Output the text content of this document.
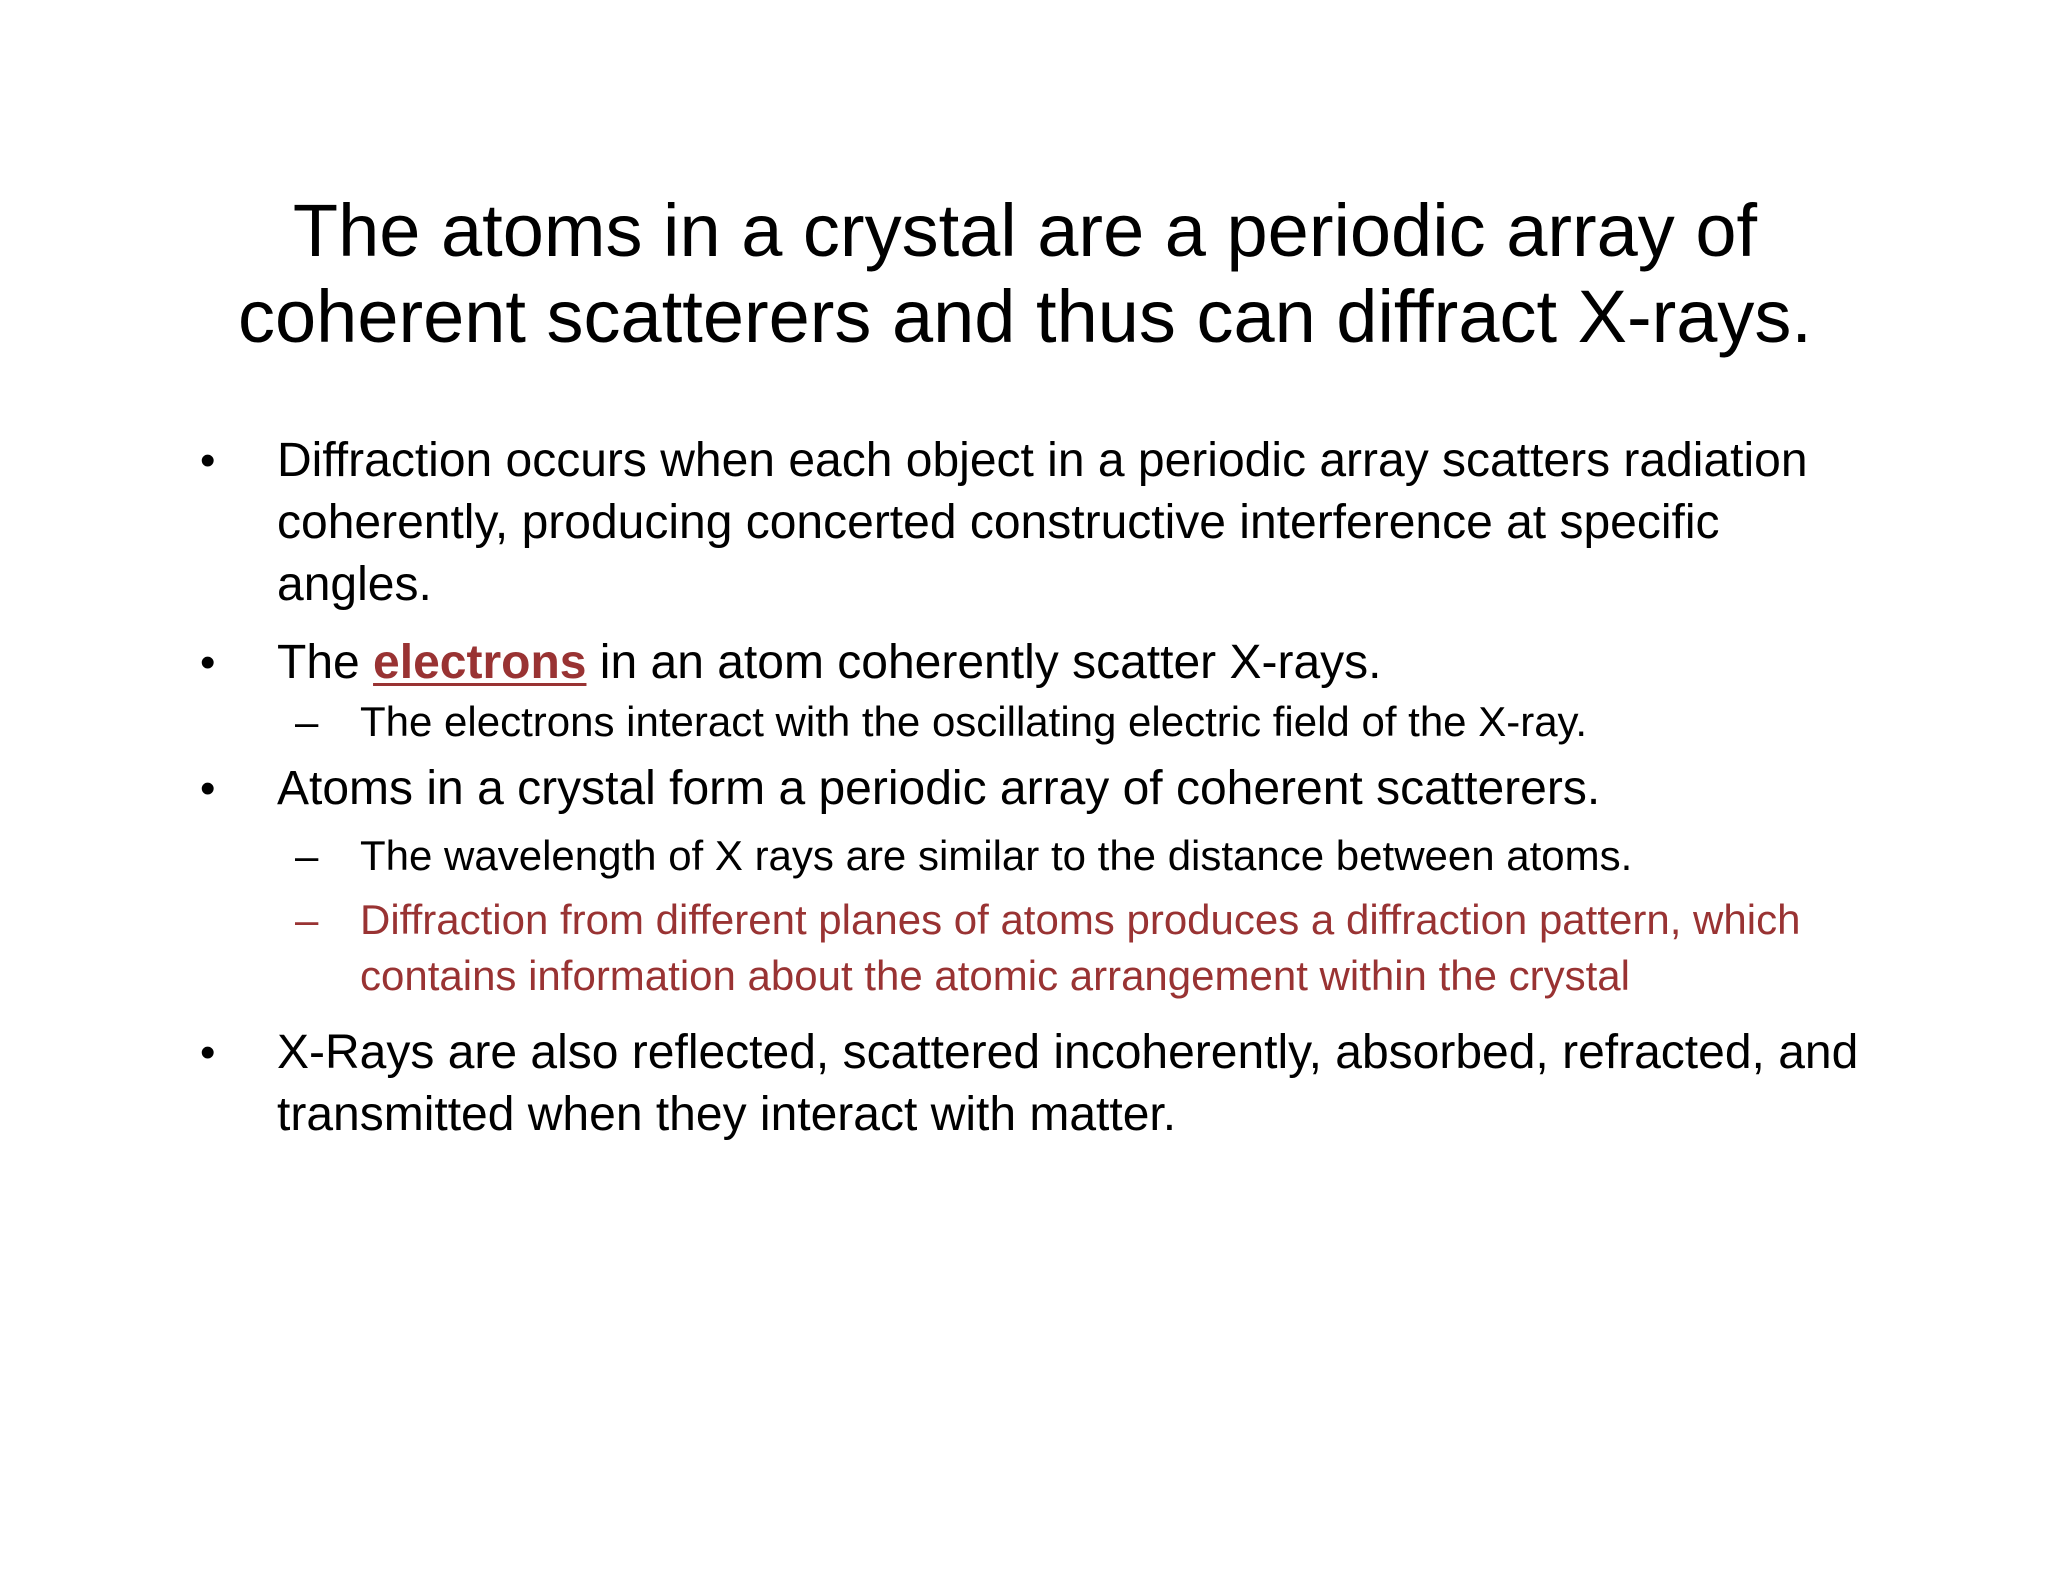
The atoms in a crystal are a periodic array of
coherent scatterers and thus can diffract X-rays.
•	Diffraction occurs when each object in a periodic array scatters radiation coherently, producing concerted constructive interference at specific angles.
•	The electrons in an atom coherently scatter X-rays.
– The electrons interact with the oscillating electric field of the X-ray.
•	Atoms in a crystal form a periodic array of coherent scatterers.
– The wavelength of X rays are similar to the distance between atoms.
– Diffraction from different planes of atoms produces a diffraction pattern, which contains information about the atomic arrangement within the crystal
•	X-Rays are also reflected, scattered incoherently, absorbed, refracted, and transmitted when they interact with matter.
